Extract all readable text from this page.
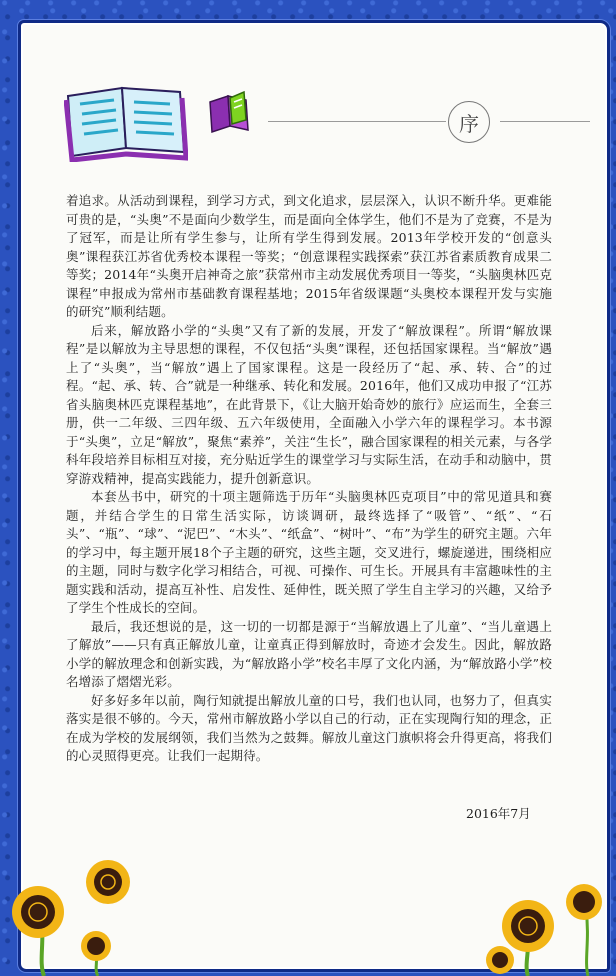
序

着追求。从活动到课程，到学习方式，到文化追求，层层深入，认识不断升华。更难能可贵的是，“头奥”不是面向少数学生，而是面向全体学生，他们不是为了竞赛，不是为了冠军，而是让所有学生参与，让所有学生得到发展。2013年学校开发的“创意头奥”课程获江苏省优秀校本课程一等奖；“创意课程实践探索”获江苏省素质教育成果二等奖；2014年“头奥开启神奇之旅”获常州市主动发展优秀项目一等奖，“头脑奥林匹克课程”申报成为常州市基础教育课程基地；2015年省级课题“头奥校本课程开发与实施的研究”顺利结题。

后来，解放路小学的“头奥”又有了新的发展，开发了“解放课程”。所谓“解放课程”是以解放为主导思想的课程，不仅包括“头奥”课程，还包括国家课程。当“解放”遇上了“头奥”，当“解放”遇上了国家课程。这是一段经历了“起、承、转、合”的过程。“起、承、转、合”就是一种继承、转化和发展。2016年，他们又成功申报了“江苏省头脑奥林匹克课程基地”，在此背景下，《让大脑开始奇妙的旅行》应运而生，全套三册，供一二年级、三四年级、五六年级使用，全面融入小学六年的课程学习。本书源于“头奥”，立足“解放”，聚焦“素养”，关注“生长”，融合国家课程的相关元素，与各学科年段培养目标相互对接，充分贴近学生的课堂学习与实际生活，在动手和动脑中，贯穿游戏精神，提高实践能力，提升创新意识。

本套丛书中，研究的十项主题筛选于历年“头脑奥林匹克项目”中的常见道具和赛题，并结合学生的日常生活实际，访谈调研，最终选择了“吸管”、“纸”、“石头”、“瓶”、“球”、“泥巴”、“木头”、“纸盒”、“树叶”、“布”为学生的研究主题。六年的学习中，每主题开展18个子主题的研究，这些主题，交叉进行，螺旋递进，围绕相应的主题，同时与数字化学习相结合，可视、可操作、可生长。开展具有丰富趣味性的主题实践和活动，提高互补性、启发性、延伸性，既关照了学生自主学习的兴趣，又给予了学生个性成长的空间。

最后，我还想说的是，这一切的一切都是源于“当解放遇上了儿童”、“当儿童遇上了解放”——只有真正解放儿童，让童真正得到解放时，奇迹才会发生。因此，解放路小学的解放理念和创新实践，为“解放路小学”校名丰厚了文化内涵，为“解放路小学”校名增添了熠熠光彩。

好多好多年以前，陶行知就提出解放儿童的口号，我们也认同，也努力了，但真实落实是很不够的。今天，常州市解放路小学以自己的行动，正在实现陶行知的理念，正在成为学校的发展纲领，我们当然为之鼓舞。解放儿童这门旗帜将会升得更高，将我们的心灵照得更亮。让我们一起期待。

2016年7月
